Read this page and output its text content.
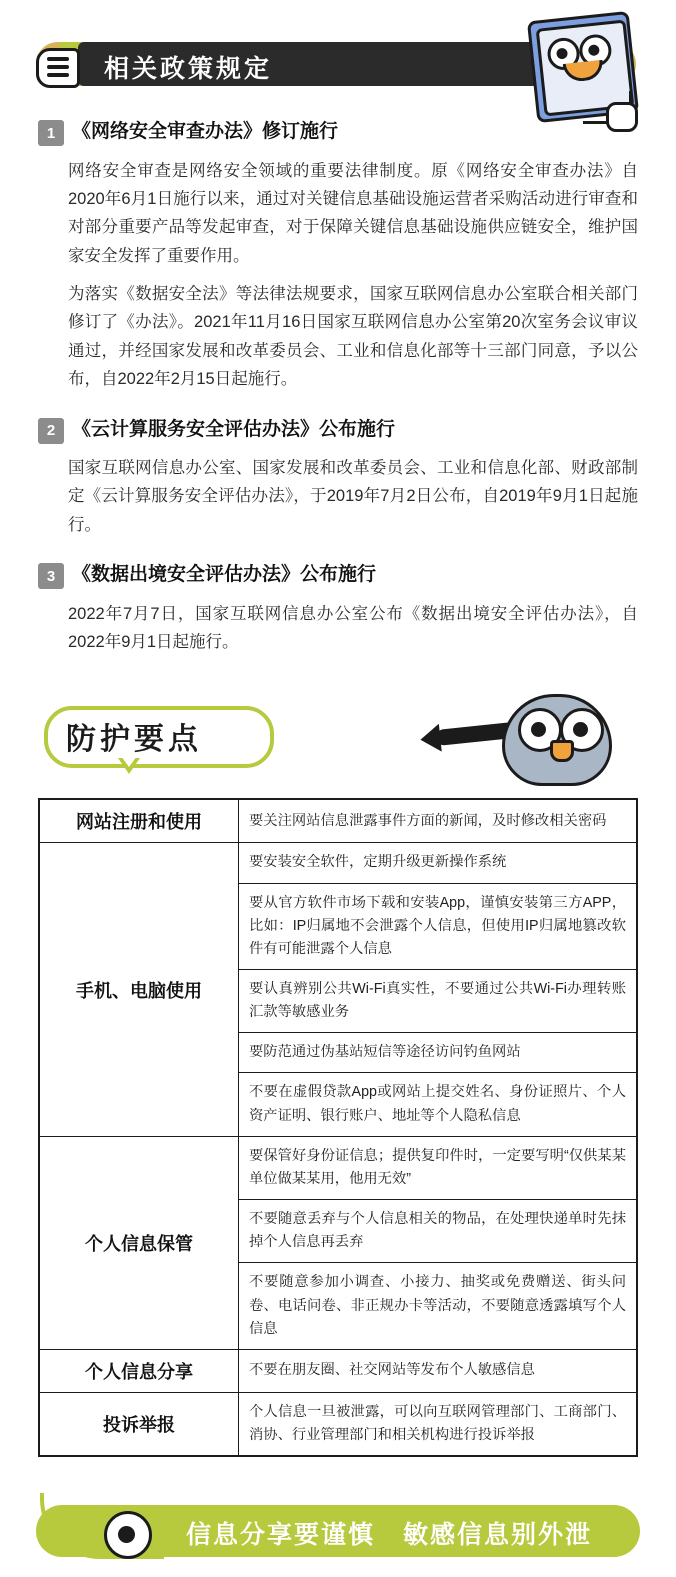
相关政策规定
1 《网络安全审查办法》修订施行
网络安全审查是网络安全领域的重要法律制度。原《网络安全审查办法》自2020年6月1日施行以来，通过对关键信息基础设施运营者采购活动进行审查和对部分重要产品等发起审查，对于保障关键信息基础设施供应链安全，维护国家安全发挥了重要作用。
为落实《数据安全法》等法律法规要求，国家互联网信息办公室联合相关部门修订了《办法》。2021年11月16日国家互联网信息办公室第20次室务会议审议通过，并经国家发展和改革委员会、工业和信息化部等十三部门同意，予以公布，自2022年2月15日起施行。
2 《云计算服务安全评估办法》公布施行
国家互联网信息办公室、国家发展和改革委员会、工业和信息化部、财政部制定《云计算服务安全评估办法》，于2019年7月2日公布，自2019年9月1日起施行。
3 《数据出境安全评估办法》公布施行
2022年7月7日，国家互联网信息办公室公布《数据出境安全评估办法》，自2022年9月1日起施行。
防护要点
网站注册和使用	要关注网站信息泄露事件方面的新闻，及时修改相关密码
手机、电脑使用	要安装安全软件，定期升级更新操作系统
	要从官方软件市场下载和安装App，谨慎安装第三方APP，比如：IP归属地不会泄露个人信息，但使用IP归属地篡改软件有可能泄露个人信息
	要认真辨别公共Wi-Fi真实性，不要通过公共Wi-Fi办理转账汇款等敏感业务
	要防范通过伪基站短信等途径访问钓鱼网站
	不要在虚假贷款App或网站上提交姓名、身份证照片、个人资产证明、银行账户、地址等个人隐私信息
个人信息保管	要保管好身份证信息；提供复印件时，一定要写明“仅供某某单位做某某用，他用无效”
	不要随意丢弃与个人信息相关的物品，在处理快递单时先抹掉个人信息再丢弃
	不要随意参加小调查、小接力、抽奖或免费赠送、街头问卷、电话问卷、非正规办卡等活动，不要随意透露填写个人信息
个人信息分享	不要在朋友圈、社交网站等发布个人敏感信息
投诉举报	个人信息一旦被泄露，可以向互联网管理部门、工商部门、消协、行业管理部门和相关机构进行投诉举报
信息分享要谨慎 敏感信息别外泄
